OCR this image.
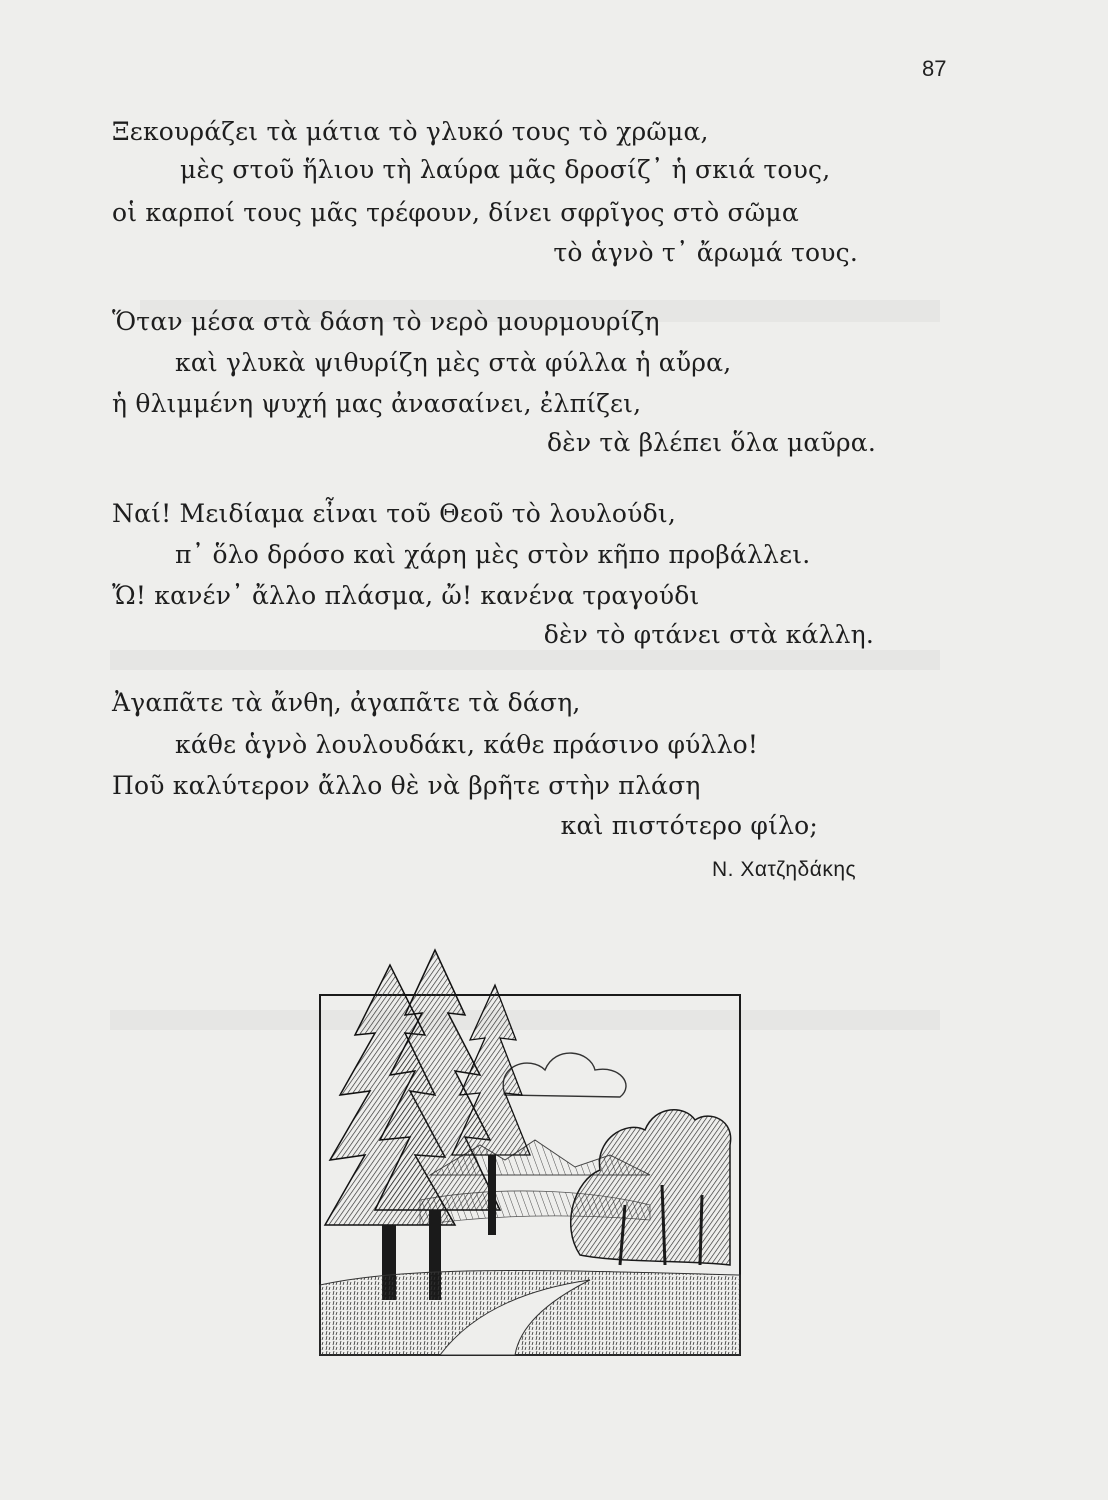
87
Ξεκουράζει τὰ μάτια τὸ γλυκό τους τὸ χρῶμα,
μὲς στοῦ ἥλιου τὴ λαύρα μᾶς δροσίζ᾽ ἡ σκιά τους,
οἱ καρποί τους μᾶς τρέφουν, δίνει σφρῖγος στὸ σῶμα
τὸ ἁγνὸ τ᾽ ἄρωμά τους.
Ὅταν μέσα στὰ δάση τὸ νερὸ μουρμουρίζη
καὶ γλυκὰ ψιθυρίζη μὲς στὰ φύλλα ἡ αὔρα,
ἡ θλιμμένη ψυχή μας ἀνασαίνει, ἐλπίζει,
δὲν τὰ βλέπει ὅλα μαῦρα.
Ναί! Μειδίαμα εἶναι τοῦ Θεοῦ τὸ λουλούδι,
π᾽ ὅλο δρόσο καὶ χάρη μὲς στὸν κῆπο προβάλλει.
Ὤ! κανέν᾽ ἄλλο πλάσμα, ὤ! κανένα τραγούδι
δὲν τὸ φτάνει στὰ κάλλη.
Ἀγαπᾶτε τὰ ἄνθη, ἀγαπᾶτε τὰ δάση,
κάθε ἁγνὸ λουλουδάκι, κάθε πράσινο φύλλο!
Ποῦ καλύτερον ἄλλο θὲ νὰ βρῆτε στὴν πλάση
καὶ πιστότερο φίλο;
Ν. Χατζηδάκης
